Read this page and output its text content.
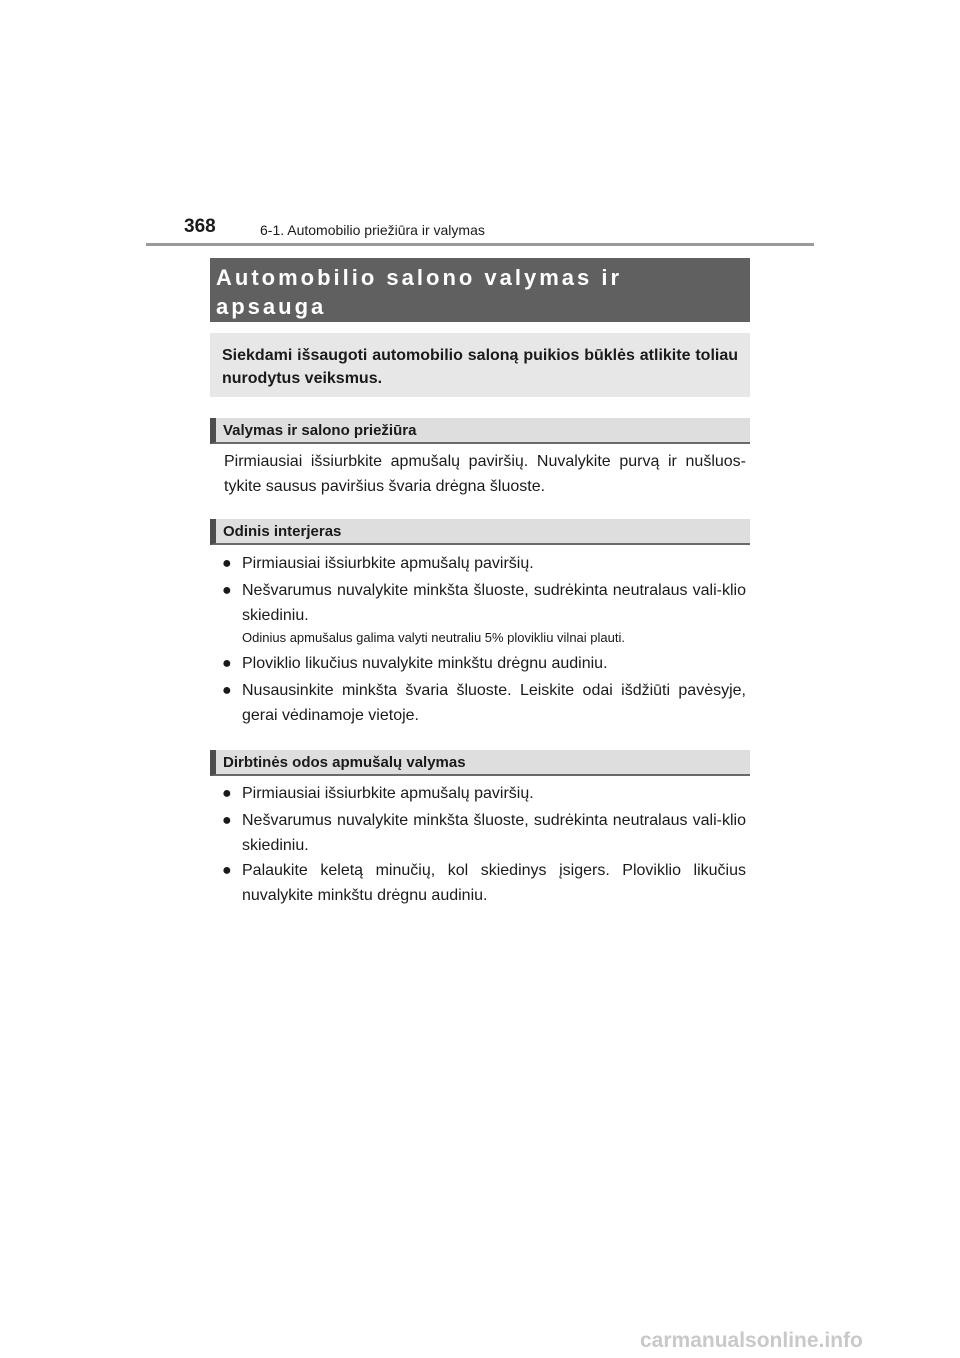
368	6-1. Automobilio priežiūra ir valymas
Automobilio salono valymas ir
apsauga
Siekdami išsaugoti automobilio saloną puikios būklės atlikite toliau nurodytus veiksmus.
Valymas ir salono priežiūra
Pirmiausiai išsiurbkite apmušalų paviršių. Nuvalykite purvą ir nušluos-tykite sausus paviršius švaria drėgna šluoste.
Odinis interjeras
● Pirmiausiai išsiurbkite apmušalų paviršių.
● Nešvarumus nuvalykite minkšta šluoste, sudrėkinta neutralaus vali-klio skiediniu.
Odinius apmušalus galima valyti neutraliu 5% plovikliu vilnai plauti.
● Ploviklio likučius nuvalykite minkštu drėgnu audiniu.
● Nusausinkite minkšta švaria šluoste. Leiskite odai išdžiūti pavėsyje, gerai vėdinamoje vietoje.
Dirbtinės odos apmušalų valymas
● Pirmiausiai išsiurbkite apmušalų paviršių.
● Nešvarumus nuvalykite minkšta šluoste, sudrėkinta neutralaus vali-klio skiediniu.
● Palaukite keletą minučių, kol skiedinys įsigers. Ploviklio likučius nuvalykite minkštu drėgnu audiniu.
carmanualsonline.info
